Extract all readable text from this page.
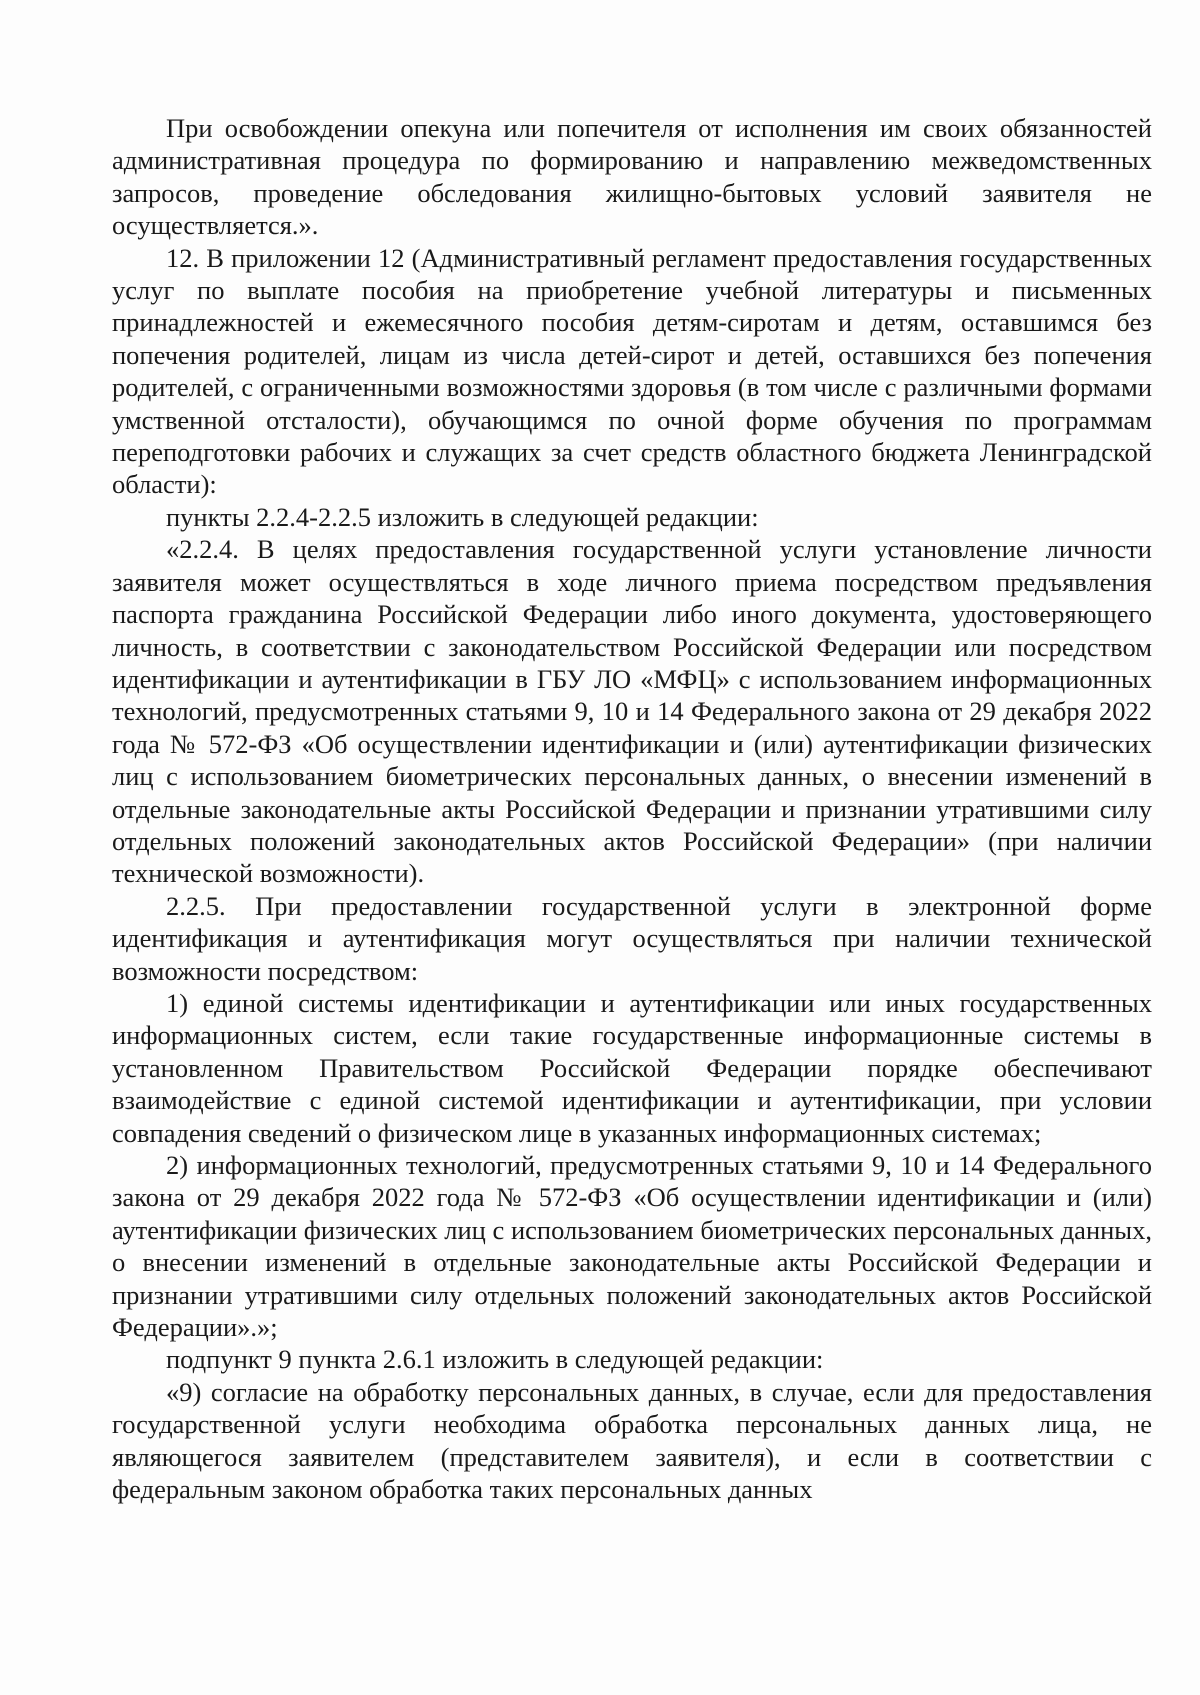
При освобождении опекуна или попечителя от исполнения им своих обязанностей административная процедура по формированию и направлению межведомственных запросов, проведение обследования жилищно-бытовых условий заявителя не осуществляется.».

12. В приложении 12 (Административный регламент предоставления государственных услуг по выплате пособия на приобретение учебной литературы и письменных принадлежностей и ежемесячного пособия детям-сиротам и детям, оставшимся без попечения родителей, лицам из числа детей-сирот и детей, оставшихся без попечения родителей, с ограниченными возможностями здоровья (в том числе с различными формами умственной отсталости), обучающимся по очной форме обучения по программам переподготовки рабочих и служащих за счет средств областного бюджета Ленинградской области):

пункты 2.2.4-2.2.5 изложить в следующей редакции:

«2.2.4. В целях предоставления государственной услуги установление личности заявителя может осуществляться в ходе личного приема посредством предъявления паспорта гражданина Российской Федерации либо иного документа, удостоверяющего личность, в соответствии с законодательством Российской Федерации или посредством идентификации и аутентификации в ГБУ ЛО «МФЦ» с использованием информационных технологий, предусмотренных статьями 9, 10 и 14 Федерального закона от 29 декабря 2022 года № 572-ФЗ «Об осуществлении идентификации и (или) аутентификации физических лиц с использованием биометрических персональных данных, о внесении изменений в отдельные законодательные акты Российской Федерации и признании утратившими силу отдельных положений законодательных актов Российской Федерации» (при наличии технической возможности).

2.2.5. При предоставлении государственной услуги в электронной форме идентификация и аутентификация могут осуществляться при наличии технической возможности посредством:

1) единой системы идентификации и аутентификации или иных государственных информационных систем, если такие государственные информационные системы в установленном Правительством Российской Федерации порядке обеспечивают взаимодействие с единой системой идентификации и аутентификации, при условии совпадения сведений о физическом лице в указанных информационных системах;

2) информационных технологий, предусмотренных статьями 9, 10 и 14 Федерального закона от 29 декабря 2022 года № 572-ФЗ «Об осуществлении идентификации и (или) аутентификации физических лиц с использованием биометрических персональных данных, о внесении изменений в отдельные законодательные акты Российской Федерации и признании утратившими силу отдельных положений законодательных актов Российской Федерации».»;

подпункт 9 пункта 2.6.1 изложить в следующей редакции:

«9) согласие на обработку персональных данных, в случае, если для предоставления государственной услуги необходима обработка персональных данных лица, не являющегося заявителем (представителем заявителя), и если в соответствии с федеральным законом обработка таких персональных данных
